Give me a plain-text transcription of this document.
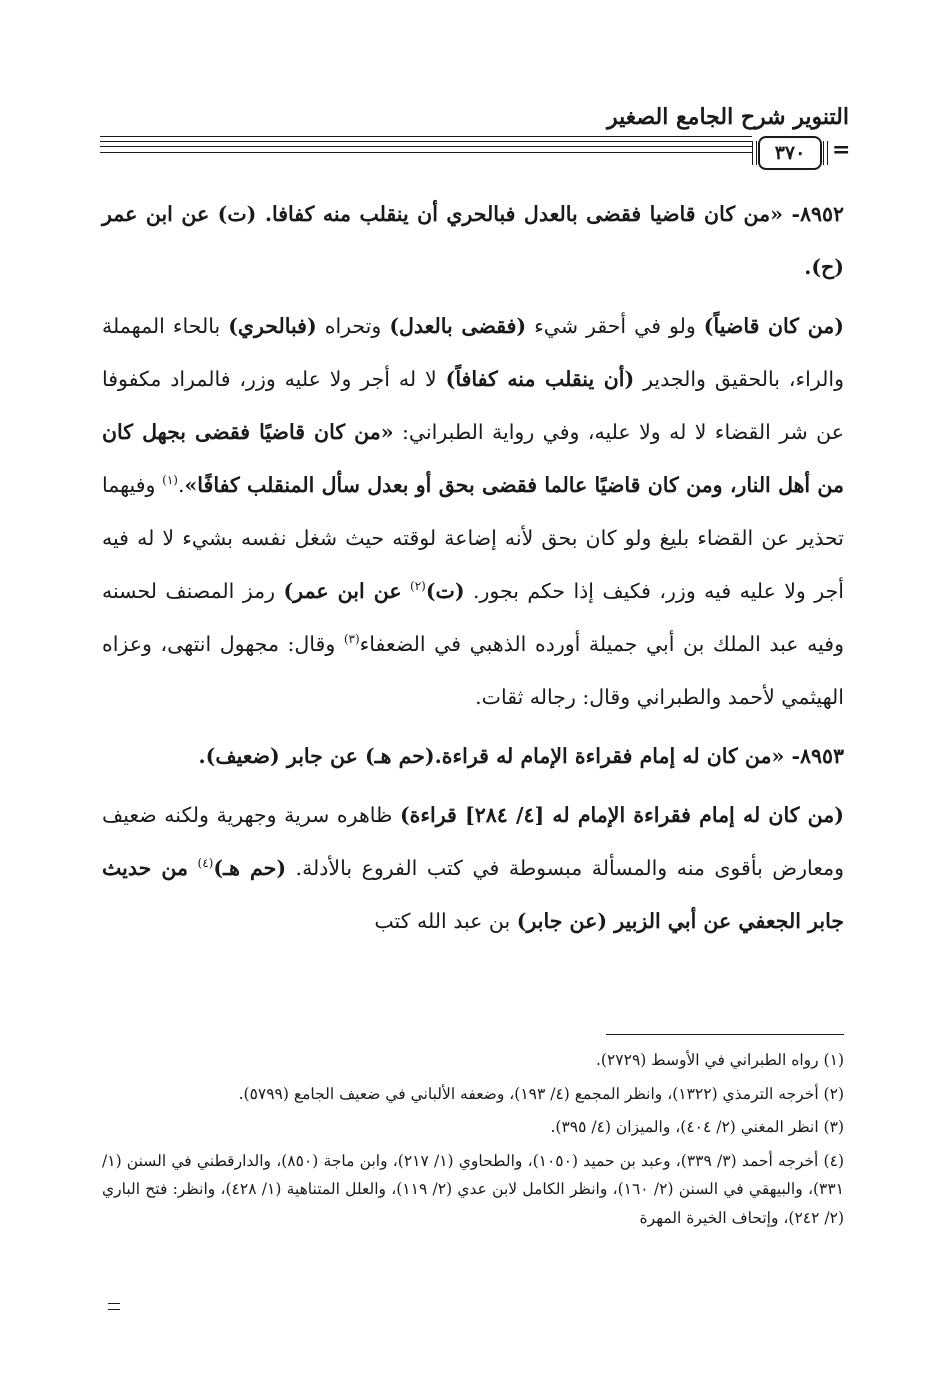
التنوير شرح الجامع الصغير
٣٧٠ =

٨٩٥٢- «من كان قاضيا فقضى بالعدل فبالحري أن ينقلب منه كفافا. (ت) عن ابن عمر (ح).

(من كان قاضياً) ولو في أحقر شيء (فقضى بالعدل) وتحراه (فبالحري) بالحاء المهملة والراء، بالحقيق والجدير (أن ينقلب منه كفافاً) لا له أجر ولا عليه وزر، فالمراد مكفوفا عن شر القضاء لا له ولا عليه، وفي رواية الطبراني: «من كان قاضيًا فقضى بجهل كان من أهل النار، ومن كان قاضيًا عالما فقضى بحق أو بعدل سأل المنقلب كفافًا».$^{(١)}$ وفيهما تحذير عن القضاء بليغ ولو كان بحق لأنه إضاعة لوقته حيث شغل نفسه بشيء لا له فيه أجر ولا عليه فيه وزر، فكيف إذا حكم بجور. (ت)$^{(٢)}$ عن ابن عمر) رمز المصنف لحسنه وفيه عبد الملك بن أبي جميلة أورده الذهبي في الضعفاء$^{(٣)}$ وقال: مجهول انتهى، وعزاه الهيثمي لأحمد والطبراني وقال: رجاله ثقات.

٨٩٥٣- «من كان له إمام فقراءة الإمام له قراءة.(حم هـ) عن جابر (ضعيف).

(من كان له إمام فقراءة الإمام له [٤/ ٢٨٤] قراءة) ظاهره سرية وجهرية ولكنه ضعيف ومعارض بأقوى منه والمسألة مبسوطة في كتب الفروع بالأدلة. (حم هـ)$^{(٤)}$ من حديث جابر الجعفي عن أبي الزبير (عن جابر) بن عبد الله كتب

(١) رواه الطبراني في الأوسط (٢٧٢٩).

(٢) أخرجه الترمذي (١٣٢٢)، وانظر المجمع (٤/ ١٩٣)، وضعفه الألباني في ضعيف الجامع (٥٧٩٩).

(٣) انظر المغني (٢/ ٤٠٤)، والميزان (٤/ ٣٩٥).

(٤) أخرجه أحمد (٣/ ٣٣٩)، وعبد بن حميد (١٠٥٠)، والطحاوي (١/ ٢١٧)، وابن ماجة (٨٥٠)، والدارقطني في السنن (١/ ٣٣١)، والبيهقي في السنن (٢/ ١٦٠)، وانظر الكامل لابن عدي (٢/ ١١٩)، والعلل المتناهية (١/ ٤٢٨)، وانظر: فتح الباري (٢/ ٢٤٢)، وإتحاف الخيرة المهرة
